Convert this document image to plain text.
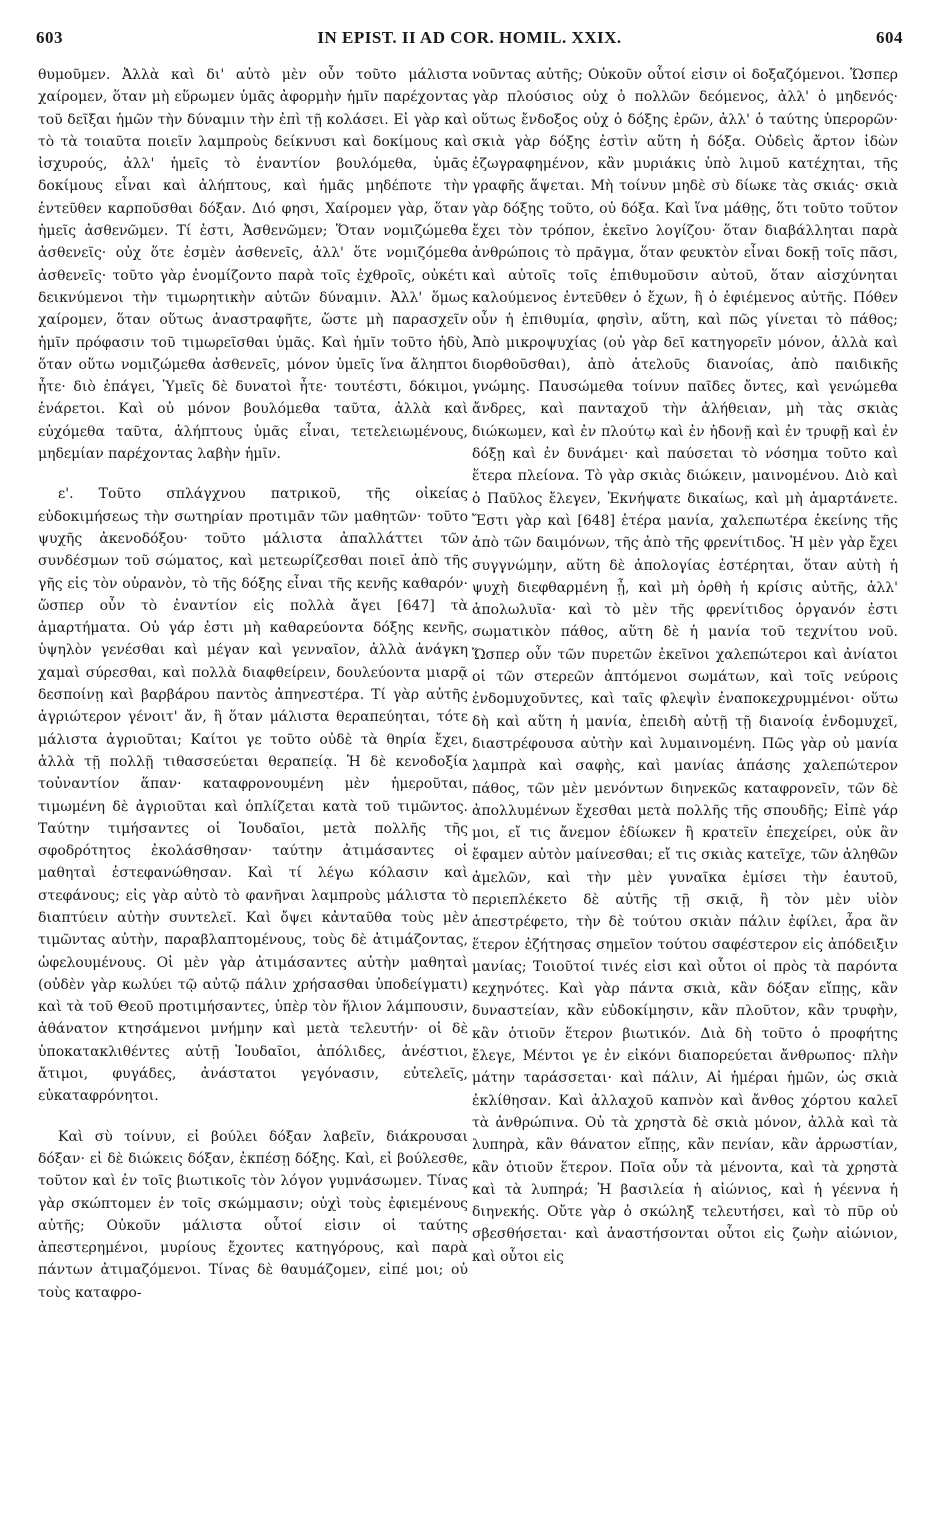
603	IN EPIST. II AD COR. HOMIL. XXIX.	604

θυμοῦμεν. Ἀλλὰ καὶ δι' αὐτὸ μὲν οὖν τοῦτο μάλιστα χαίρομεν, ὅταν μὴ εὕρωμεν ὑμᾶς ἀφορμὴν ἡμῖν παρέχοντας τοῦ δεῖξαι ἡμῶν τὴν δύναμιν τὴν ἐπὶ τῇ κολάσει. Εἰ γὰρ καὶ τὸ τὰ τοιαῦτα ποιεῖν λαμπροὺς δείκνυσι καὶ δοκίμους καὶ ἰσχυρούς, ἀλλ' ἡμεῖς τὸ ἐναντίον βουλόμεθα, ὑμᾶς δοκίμους εἶναι καὶ ἀλήπτους, καὶ ἡμᾶς μηδέποτε τὴν ἐντεῦθεν καρποῦσθαι δόξαν. Διό φησι, Χαίρομεν γὰρ, ὅταν ἡμεῖς ἀσθενῶμεν. Τί ἐστι, Ἀσθενῶμεν; Ὅταν νομιζώμεθα ἀσθενεῖς· οὐχ ὅτε ἐσμὲν ἀσθενεῖς, ἀλλ' ὅτε νομιζόμεθα ἀσθενεῖς· τοῦτο γὰρ ἐνομίζοντο παρὰ τοῖς ἐχθροῖς, οὐκέτι δεικνύμενοι τὴν τιμωρητικὴν αὐτῶν δύναμιν. Ἀλλ' ὅμως χαίρομεν, ὅταν οὕτως ἀναστραφῆτε, ὥστε μὴ παρασχεῖν ἡμῖν πρόφασιν τοῦ τιμωρεῖσθαι ὑμᾶς. Καὶ ἡμῖν τοῦτο ἡδὺ, ὅταν οὕτω νομιζώμεθα ἀσθενεῖς, μόνον ὑμεῖς ἵνα ἄληπτοι ἦτε· διὸ ἐπάγει, Ὑμεῖς δὲ δυνατοὶ ἦτε· τουτέστι, δόκιμοι, ἐνάρετοι. Καὶ οὐ μόνον βουλόμεθα ταῦτα, ἀλλὰ καὶ εὐχόμεθα ταῦτα, ἀλήπτους ὑμᾶς εἶναι, τετελειωμένους, μηδεμίαν παρέχοντας λαβὴν ἡμῖν.

ε'. Τοῦτο σπλάγχνου πατρικοῦ, τῆς οἰκείας εὐδοκιμήσεως τὴν σωτηρίαν προτιμᾶν τῶν μαθητῶν· τοῦτο ψυχῆς ἀκενοδόξου· τοῦτο μάλιστα ἀπαλλάττει τῶν συνδέσμων τοῦ σώματος, καὶ μετεωρίζεσθαι ποιεῖ ἀπὸ τῆς γῆς εἰς τὸν οὐρανὸν, τὸ τῆς δόξης εἶναι τῆς κενῆς καθαρόν· ὥσπερ οὖν τὸ ἐναντίον εἰς πολλὰ ἄγει [647] τὰ ἁμαρτήματα. Οὐ γάρ ἐστι μὴ καθαρεύοντα δόξης κενῆς, ὑψηλὸν γενέσθαι καὶ μέγαν καὶ γενναῖον, ἀλλὰ ἀνάγκη χαμαὶ σύρεσθαι, καὶ πολλὰ διαφθείρειν, δουλεύοντα μιαρᾷ δεσποίνῃ καὶ βαρβάρου παντὸς ἀπηνεστέρα. Τί γὰρ αὐτῆς ἀγριώτερον γένοιτ' ἄν, ἣ ὅταν μάλιστα θεραπεύηται, τότε μάλιστα ἀγριοῦται; Καίτοι γε τοῦτο οὐδὲ τὰ θηρία ἔχει, ἀλλὰ τῇ πολλῇ τιθασσεύεται θεραπείᾳ. Ἡ δὲ κενοδοξία τοὐναντίον ἅπαν· καταφρονουμένη μὲν ἡμεροῦται, τιμωμένη δὲ ἀγριοῦται καὶ ὁπλίζεται κατὰ τοῦ τιμῶντος. Ταύτην τιμήσαντες οἱ Ἰουδαῖοι, μετὰ πολλῆς τῆς σφοδρότητος ἐκολάσθησαν· ταύτην ἀτιμάσαντες οἱ μαθηταὶ ἐστεφανώθησαν. Καὶ τί λέγω κόλασιν καὶ στεφάνους; εἰς γὰρ αὐτὸ τὸ φανῆναι λαμπροὺς μάλιστα τὸ διαπτύειν αὐτὴν συντελεῖ. Καὶ ὄψει κἀνταῦθα τοὺς μὲν τιμῶντας αὐτὴν, παραβλαπτομένους, τοὺς δὲ ἀτιμάζοντας, ὠφελουμένους. Οἱ μὲν γὰρ ἀτιμάσαντες αὐτὴν μαθηταὶ (οὐδὲν γὰρ κωλύει τῷ αὐτῷ πάλιν χρήσασθαι ὑποδείγματι) καὶ τὰ τοῦ Θεοῦ προτιμήσαντες, ὑπὲρ τὸν ἥλιον λάμπουσιν, ἀθάνατον κτησάμενοι μνήμην καὶ μετὰ τελευτήν· οἱ δὲ ὑποκατακλιθέντες αὐτῇ Ἰουδαῖοι, ἀπόλιδες, ἀνέστιοι, ἄτιμοι, φυγάδες, ἀνάστατοι γεγόνασιν, εὐτελεῖς, εὐκαταφρόνητοι.

Καὶ σὺ τοίνυν, εἰ βούλει δόξαν λαβεῖν, διάκρουσαι δόξαν· εἰ δὲ διώκεις δόξαν, ἐκπέσῃ δόξης. Καὶ, εἰ βούλεσθε, τοῦτον καὶ ἐν τοῖς βιωτικοῖς τὸν λόγον γυμνάσωμεν. Τίνας γὰρ σκώπτομεν ἐν τοῖς σκώμμασιν; οὐχὶ τοὺς ἐφιεμένους αὐτῆς; Οὐκοῦν μάλιστα οὗτοί εἰσιν οἱ ταύτης ἀπεστερημένοι, μυρίους ἔχοντες κατηγόρους, καὶ παρὰ πάντων ἀτιμαζόμενοι. Τίνας δὲ θαυμάζομεν, εἰπέ μοι; οὐ τοὺς καταφρο-

νοῦντας αὐτῆς; Οὐκοῦν οὗτοί εἰσιν οἱ δοξαζόμενοι. Ὥσπερ γὰρ πλούσιος οὐχ ὁ πολλῶν δεόμενος, ἀλλ' ὁ μηδενός· οὕτως ἔνδοξος οὐχ ὁ δόξης ἐρῶν, ἀλλ' ὁ ταύτης ὑπερορῶν· σκιὰ γὰρ δόξης ἐστὶν αὕτη ἡ δόξα. Οὐδεὶς ἄρτον ἰδὼν ἐζωγραφημένον, κἂν μυριάκις ὑπὸ λιμοῦ κατέχηται, τῆς γραφῆς ἅψεται. Μὴ τοίνυν μηδὲ σὺ δίωκε τὰς σκιάς· σκιὰ γὰρ δόξης τοῦτο, οὐ δόξα. Καὶ ἵνα μάθῃς, ὅτι τοῦτο τοῦτον ἔχει τὸν τρόπον, ἐκεῖνο λογίζου· ὅταν διαβάλληται παρὰ ἀνθρώποις τὸ πρᾶγμα, ὅταν φευκτὸν εἶναι δοκῇ τοῖς πᾶσι, καὶ αὐτοῖς τοῖς ἐπιθυμοῦσιν αὐτοῦ, ὅταν αἰσχύνηται καλούμενος ἐντεῦθεν ὁ ἔχων, ἢ ὁ ἐφιέμενος αὐτῆς. Πόθεν οὖν ἡ ἐπιθυμία, φησὶν, αὕτη, καὶ πῶς γίνεται τὸ πάθος; Ἀπὸ μικροψυχίας (οὐ γὰρ δεῖ κατηγορεῖν μόνον, ἀλλὰ καὶ διορθοῦσθαι), ἀπὸ ἀτελοῦς διανοίας, ἀπὸ παιδικῆς γνώμης. Παυσώμεθα τοίνυν παῖδες ὄντες, καὶ γενώμεθα ἄνδρες, καὶ πανταχοῦ τὴν ἀλήθειαν, μὴ τὰς σκιὰς διώκωμεν, καὶ ἐν πλούτῳ καὶ ἐν ἡδονῇ καὶ ἐν τρυφῇ καὶ ἐν δόξῃ καὶ ἐν δυνάμει· καὶ παύσεται τὸ νόσημα τοῦτο καὶ ἕτερα πλείονα. Τὸ γὰρ σκιὰς διώκειν, μαινομένου. Διὸ καὶ ὁ Παῦλος ἔλεγεν, Ἐκνήψατε δικαίως, καὶ μὴ ἁμαρτάνετε. Ἔστι γὰρ καὶ [648] ἑτέρα μανία, χαλεπωτέρα ἐκείνης τῆς ἀπὸ τῶν δαιμόνων, τῆς ἀπὸ τῆς φρενίτιδος. Ἡ μὲν γὰρ ἔχει συγγνώμην, αὕτη δὲ ἀπολογίας ἐστέρηται, ὅταν αὐτὴ ἡ ψυχὴ διεφθαρμένη ᾖ, καὶ μὴ ὀρθὴ ἡ κρίσις αὐτῆς, ἀλλ' ἀπολωλυῖα· καὶ τὸ μὲν τῆς φρενίτιδος ὀργανόν ἐστι σωματικὸν πάθος, αὕτη δὲ ἡ μανία τοῦ τεχνίτου νοῦ. Ὥσπερ οὖν τῶν πυρετῶν ἐκεῖνοι χαλεπώτεροι καὶ ἀνίατοι οἱ τῶν στερεῶν ἀπτόμενοι σωμάτων, καὶ τοῖς νεύροις ἐνδομυχοῦντες, καὶ ταῖς φλεψὶν ἐναποκεχρυμμένοι· οὕτω δὴ καὶ αὕτη ἡ μανία, ἐπειδὴ αὐτῇ τῇ διανοίᾳ ἐνδομυχεῖ, διαστρέφουσα αὐτὴν καὶ λυμαινομένη. Πῶς γὰρ οὐ μανία λαμπρὰ καὶ σαφὴς, καὶ μανίας ἁπάσης χαλεπώτερον πάθος, τῶν μὲν μενόντων διηνεκῶς καταφρονεῖν, τῶν δὲ ἀπολλυμένων ἔχεσθαι μετὰ πολλῆς τῆς σπουδῆς; Εἰπὲ γάρ μοι, εἴ τις ἄνεμον ἐδίωκεν ἢ κρατεῖν ἐπεχείρει, οὐκ ἂν ἔφαμεν αὐτὸν μαίνεσθαι; εἴ τις σκιὰς κατεῖχε, τῶν ἀληθῶν ἀμελῶν, καὶ τὴν μὲν γυναῖκα ἐμίσει τὴν ἑαυτοῦ, περιεπλέκετο δὲ αὐτῆς τῇ σκιᾷ, ἢ τὸν μὲν υἱὸν ἀπεστρέφετο, τὴν δὲ τούτου σκιὰν πάλιν ἐφίλει, ἆρα ἂν ἕτερον ἐζήτησας σημεῖον τούτου σαφέστερον εἰς ἀπόδειξιν μανίας; Τοιοῦτοί τινές εἰσι καὶ οὗτοι οἱ πρὸς τὰ παρόντα κεχηνότες. Καὶ γὰρ πάντα σκιὰ, κἂν δόξαν εἴπῃς, κἂν δυναστείαν, κἂν εὐδοκίμησιν, κἂν πλοῦτον, κἂν τρυφὴν, κἂν ὁτιοῦν ἕτερον βιωτικόν. Διὰ δὴ τοῦτο ὁ προφήτης ἔλεγε, Μέντοι γε ἐν εἰκόνι διαπορεύεται ἄνθρωπος· πλὴν μάτην ταράσσεται· καὶ πάλιν, Αἱ ἡμέραι ἡμῶν, ὡς σκιὰ ἐκλίθησαν. Καὶ ἀλλαχοῦ καπνὸν καὶ ἄνθος χόρτου καλεῖ τὰ ἀνθρώπινα. Οὐ τὰ χρηστὰ δὲ σκιὰ μόνον, ἀλλὰ καὶ τὰ λυπηρὰ, κἂν θάνατον εἴπῃς, κἂν πενίαν, κἂν ἀρρωστίαν, κἂν ὁτιοῦν ἕτερον. Ποῖα οὖν τὰ μένοντα, καὶ τὰ χρηστὰ καὶ τὰ λυπηρά; Ἡ βασιλεία ἡ αἰώνιος, καὶ ἡ γέεννα ἡ διηνεκής. Οὔτε γὰρ ὁ σκώληξ τελευτήσει, καὶ τὸ πῦρ οὐ σβεσθήσεται· καὶ ἀναστήσονται οὗτοι εἰς ζωὴν αἰώνιον, καὶ οὗτοι εἰς
